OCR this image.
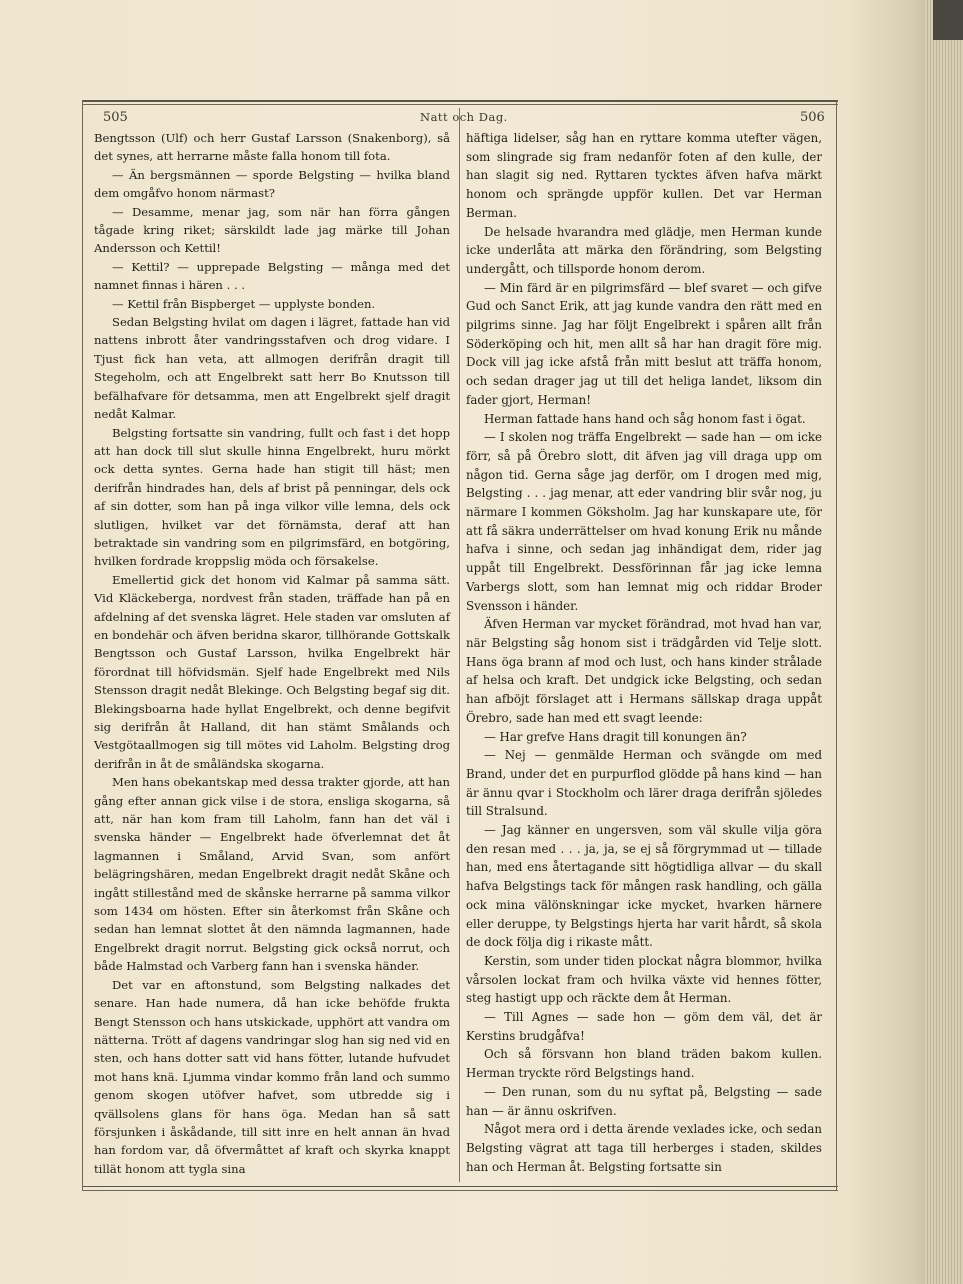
505	Natt och Dag.	506

Bengtsson (Ulf) och herr Gustaf Larsson (Snakenborg), så det synes, att herrarne måste falla honom till fota.

— Än bergsmännen — sporde Belgsting — hvilka bland dem omgåfvo honom närmast?

— Desamme, menar jag, som när han förra gången tågade kring riket; särskildt lade jag märke till Johan Andersson och Kettil!

— Kettil? — upprepade Belgsting — många med det namnet finnas i hären . . .

— Kettil från Bispberget — upplyste bonden.

Sedan Belgsting hvilat om dagen i lägret, fattade han vid nattens inbrott åter vandringsstafven och drog vidare. I Tjust fick han veta, att allmogen derifrån dragit till Stegeholm, och att Engelbrekt satt herr Bo Knutsson till befälhafvare för detsamma, men att Engelbrekt sjelf dragit nedåt Kalmar.

Belgsting fortsatte sin vandring, fullt och fast i det hopp att han dock till slut skulle hinna Engelbrekt, huru mörkt ock detta syntes. Gerna hade han stigit till häst; men derifrån hindrades han, dels af brist på penningar, dels ock af sin dotter, som han på inga vilkor ville lemna, dels ock slutligen, hvilket var det förnämsta, deraf att han betraktade sin vandring som en pilgrimsfärd, en botgöring, hvilken fordrade kroppslig möda och försakelse.

Emellertid gick det honom vid Kalmar på samma sätt. Vid Kläckeberga, nordvest från staden, träffade han på en afdelning af det svenska lägret. Hele staden var omsluten af en bondehär och äfven beridna skaror, tillhörande Gottskalk Bengtsson och Gustaf Larsson, hvilka Engelbrekt här förordnat till höfvidsmän. Sjelf hade Engelbrekt med Nils Stensson dragit nedåt Blekinge. Och Belgsting begaf sig dit. Blekingsboarna hade hyllat Engelbrekt, och denne begifvit sig derifrån åt Halland, dit han stämt Smålands och Vestgötaallmogen sig till mötes vid Laholm. Belgsting drog derifrån in åt de småländska skogarna.

Men hans obekantskap med dessa trakter gjorde, att han gång efter annan gick vilse i de stora, ensliga skogarna, så att, när han kom fram till Laholm, fann han det väl i svenska händer — Engelbrekt hade öfverlemnat det åt lagmannen i Småland, Arvid Svan, som anfört belägringshären, medan Engelbrekt dragit nedåt Skåne och ingått stillestånd med de skånske herrarne på samma vilkor som 1434 om hösten. Efter sin återkomst från Skåne och sedan han lemnat slottet åt den nämnda lagmannen, hade Engelbrekt dragit norrut. Belgsting gick också norrut, och både Halmstad och Varberg fann han i svenska händer.

Det var en aftonstund, som Belgsting nalkades det senare. Han hade numera, då han icke behöfde frukta Bengt Stensson och hans utskickade, upphört att vandra om nätterna. Trött af dagens vandringar slog han sig ned vid en sten, och hans dotter satt vid hans fötter, lutande hufvudet mot hans knä. Ljumma vindar kommo från land och summo genom skogen utöfver hafvet, som utbredde sig i qvällsolens glans för hans öga. Medan han så satt försjunken i åskådande, till sitt inre en helt annan än hvad han fordom var, då öfvermåttet af kraft och skyrka knappt tillät honom att tygla sina

häftiga lidelser, såg han en ryttare komma utefter vägen, som slingrade sig fram nedanför foten af den kulle, der han slagit sig ned. Ryttaren tycktes äfven hafva märkt honom och sprängde uppför kullen. Det var Herman Berman.

De helsade hvarandra med glädje, men Herman kunde icke underlåta att märka den förändring, som Belgsting undergått, och tillsporde honom derom.

— Min färd är en pilgrimsfärd — blef svaret — och gifve Gud och Sanct Erik, att jag kunde vandra den rätt med en pilgrims sinne. Jag har följt Engelbrekt i spåren allt från Söderköping och hit, men allt så har han dragit före mig. Dock vill jag icke afstå från mitt beslut att träffa honom, och sedan drager jag ut till det heliga landet, liksom din fader gjort, Herman!

Herman fattade hans hand och såg honom fast i ögat.

— I skolen nog träffa Engelbrekt — sade han — om icke förr, så på Örebro slott, dit äfven jag vill draga upp om någon tid. Gerna såge jag derför, om I drogen med mig, Belgsting . . . jag menar, att eder vandring blir svår nog, ju närmare I kommen Göksholm. Jag har kunskapare ute, för att få säkra underrättelser om hvad konung Erik nu månde hafva i sinne, och sedan jag inhändigat dem, rider jag uppåt till Engelbrekt. Dessförinnan får jag icke lemna Varbergs slott, som han lemnat mig och riddar Broder Svensson i händer.

Äfven Herman var mycket förändrad, mot hvad han var, när Belgsting såg honom sist i trädgården vid Telje slott. Hans öga brann af mod och lust, och hans kinder strålade af helsa och kraft. Det undgick icke Belgsting, och sedan han afböjt förslaget att i Hermans sällskap draga uppåt Örebro, sade han med ett svagt leende:

— Har grefve Hans dragit till konungen än?

— Nej — genmälde Herman och svängde om med Brand, under det en purpurflod glödde på hans kind — han är ännu qvar i Stockholm och lärer draga derifrån sjöledes till Stralsund.

— Jag känner en ungersven, som väl skulle vilja göra den resan med . . . ja, ja, se ej så förgrymmad ut — tillade han, med ens återtagande sitt högtidliga allvar — du skall hafva Belgstings tack för mången rask handling, och gälla ock mina välönskningar icke mycket, hvarken härnere eller deruppe, ty Belgstings hjerta har varit hårdt, så skola de dock följa dig i rikaste mått.

Kerstin, som under tiden plockat några blommor, hvilka vårsolen lockat fram och hvilka växte vid hennes fötter, steg hastigt upp och räckte dem åt Herman.

— Till Agnes — sade hon — göm dem väl, det är Kerstins brudgåfva!

Och så försvann hon bland träden bakom kullen. Herman tryckte rörd Belgstings hand.

— Den runan, som du nu syftat på, Belgsting — sade han — är ännu oskrifven.

Något mera ord i detta ärende vexlades icke, och sedan Belgsting vägrat att taga till herberges i staden, skildes han och Herman åt. Belgsting fortsatte sin
